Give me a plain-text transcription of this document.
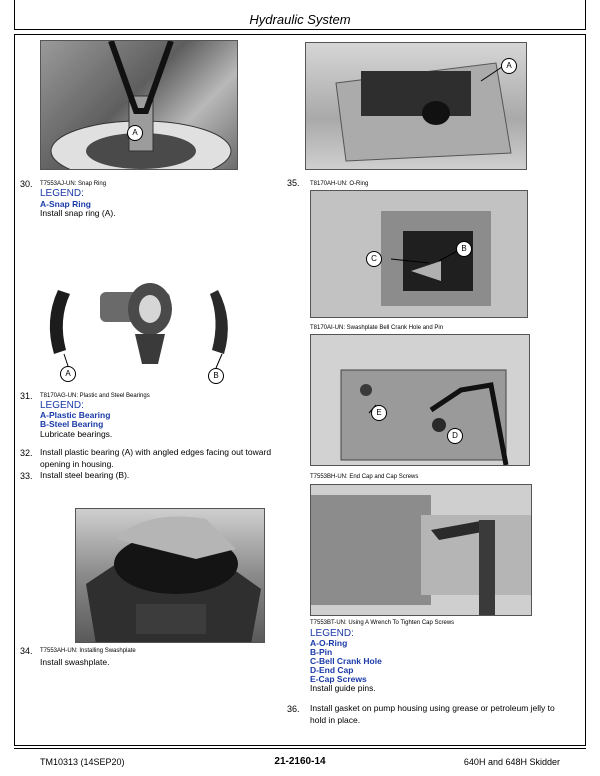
Hydraulic System
A
30. T7553AJ-UN: Snap Ring
LEGEND:
A-Snap Ring
Install snap ring (A).
A	B
31. T8170AG-UN: Plastic and Steel Bearings
LEGEND:
A-Plastic Bearing
B-Steel Bearing
Lubricate bearings.
32. Install plastic bearing (A) with angled edges facing out toward opening in housing.
33. Install steel bearing (B).
34. T7553AH-UN: Installing Swashplate
Install swashplate.
A
35. T8170AH-UN: O-Ring
C
B
T8170AI-UN: Swashplate Bell Crank Hole and Pin
E
D
T7553BH-UN: End Cap and Cap Screws
T7553BT-UN: Using A Wrench To Tighten Cap Screws
LEGEND:
A-O-Ring
B-Pin
C-Bell Crank Hole
D-End Cap
E-Cap Screws
Install guide pins.
36. Install gasket on pump housing using grease or petroleum jelly to hold in place.
TM10313 (14SEP20)	21-2160-14	640H and 648H Skidder
